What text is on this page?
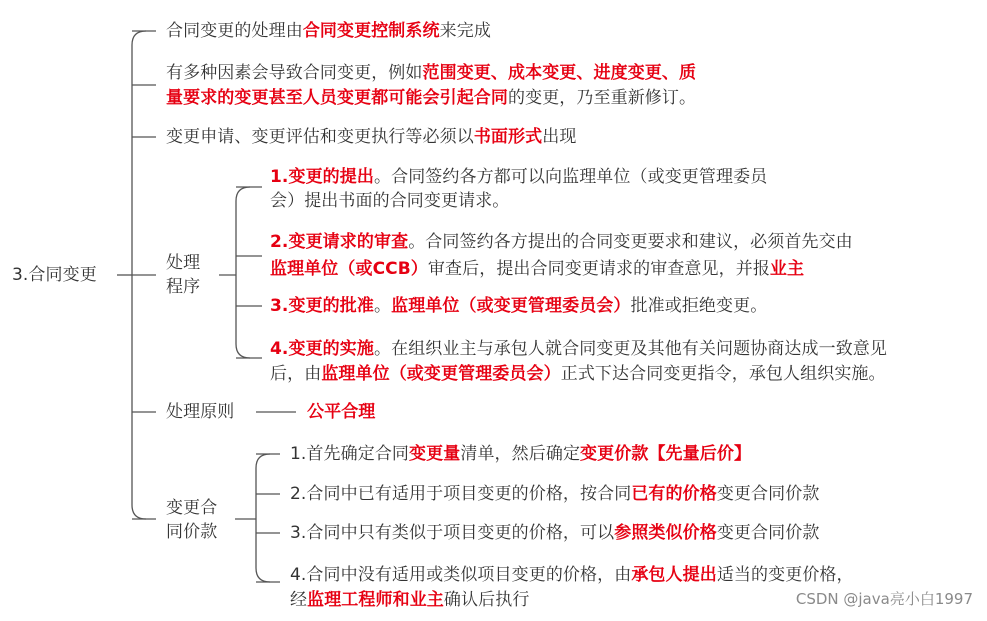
3.合同变更
合同变更的处理由合同变更控制系统来完成
有多种因素会导致合同变更，例如范围变更、成本变更、进度变更、质
量要求的变更甚至人员变更都可能会引起合同的变更，乃至重新修订。
变更申请、变更评估和变更执行等必须以书面形式出现
处理
程序
1.变更的提出。合同签约各方都可以向监理单位（或变更管理委员
会）提出书面的合同变更请求。
2.变更请求的审查。合同签约各方提出的合同变更要求和建议，必须首先交由
监理单位（或CCB）审查后，提出合同变更请求的审查意见，并报业主
3.变更的批准。监理单位（或变更管理委员会）批准或拒绝变更。
4.变更的实施。在组织业主与承包人就合同变更及其他有关问题协商达成一致意见
后，由监理单位（或变更管理委员会）正式下达合同变更指令，承包人组织实施。
处理原则	公平合理
变更合
同价款
1.首先确定合同变更量清单，然后确定变更价款【先量后价】
2.合同中已有适用于项目变更的价格，按合同已有的价格变更合同价款
3.合同中只有类似于项目变更的价格，可以参照类似价格变更合同价款
4.合同中没有适用或类似项目变更的价格，由承包人提出适当的变更价格，
经监理工程师和业主确认后执行	CSDN @java亮小白1997
